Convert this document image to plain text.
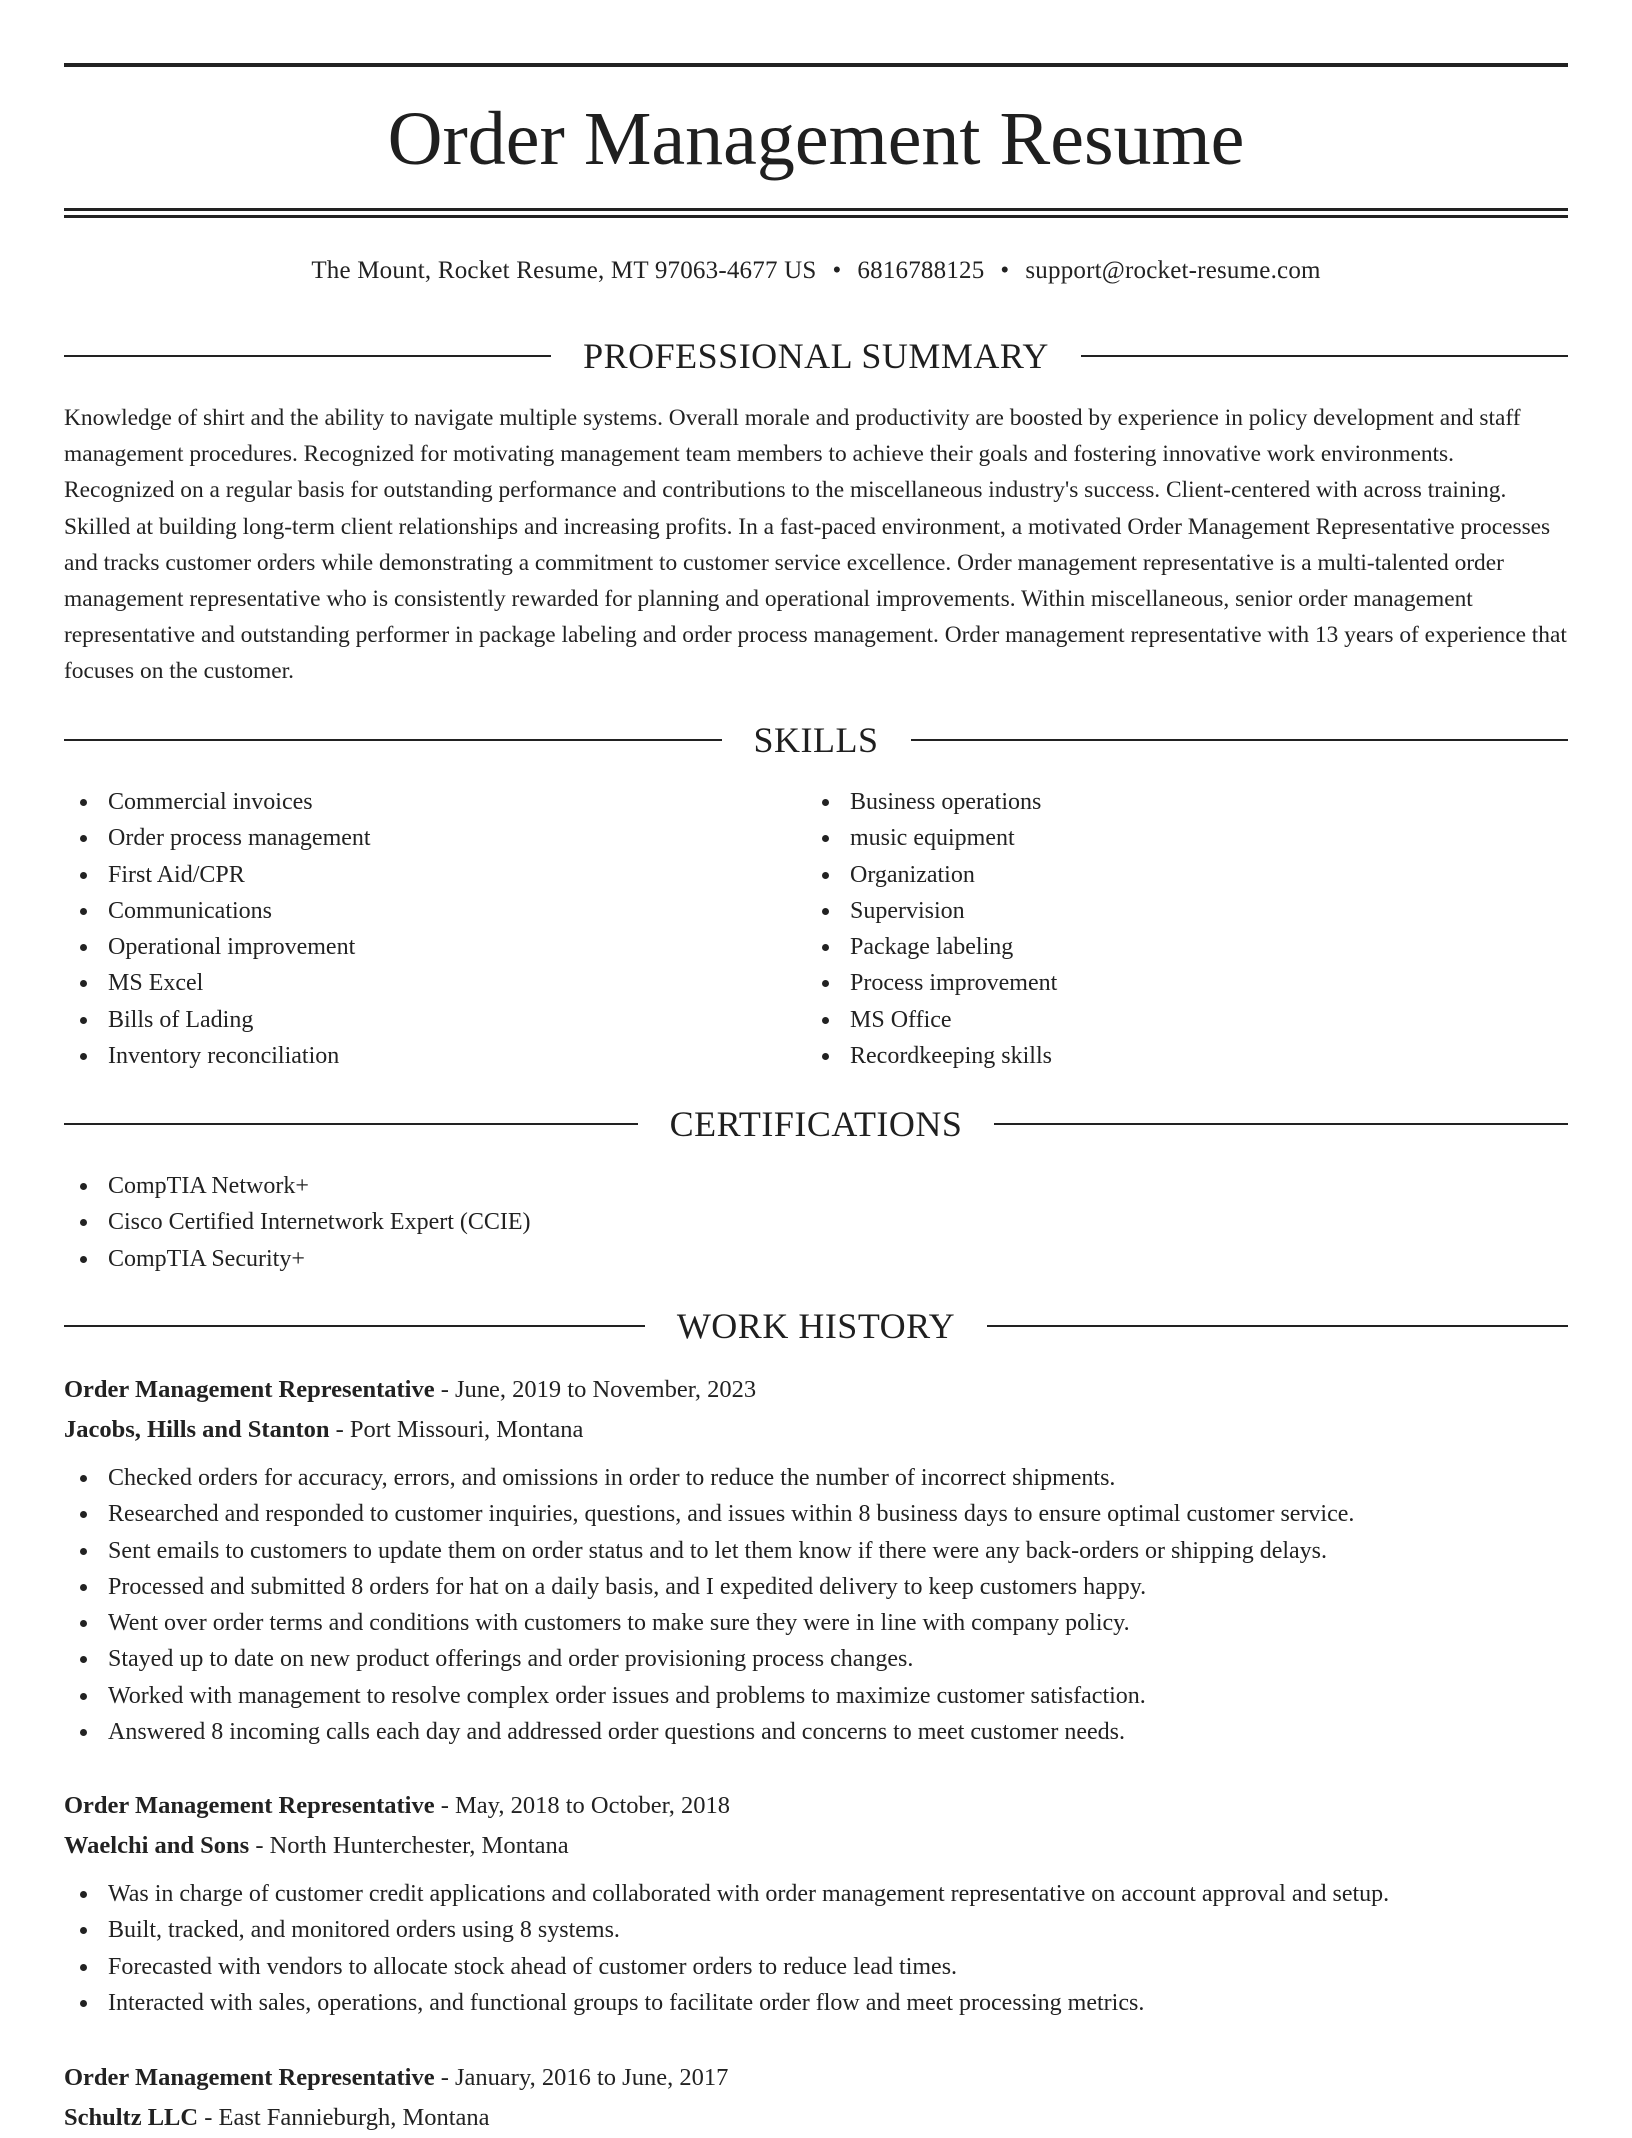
Order Management Resume
The Mount, Rocket Resume, MT 97063-4677 US • 6816788125 • support@rocket-resume.com
PROFESSIONAL SUMMARY

Knowledge of shirt and the ability to navigate multiple systems. Overall morale and productivity are boosted by experience in policy development and staff management procedures. Recognized for motivating management team members to achieve their goals and fostering innovative work environments. Recognized on a regular basis for outstanding performance and contributions to the miscellaneous industry's success. Client-centered with across training. Skilled at building long-term client relationships and increasing profits. In a fast-paced environment, a motivated Order Management Representative processes and tracks customer orders while demonstrating a commitment to customer service excellence. Order management representative is a multi-talented order management representative who is consistently rewarded for planning and operational improvements. Within miscellaneous, senior order management representative and outstanding performer in package labeling and order process management. Order management representative with 13 years of experience that focuses on the customer.

SKILLS
Commercial invoices
Order process management
First Aid/CPR
Communications
Operational improvement
MS Excel
Bills of Lading
Inventory reconciliation
Business operations
music equipment
Organization
Supervision
Package labeling
Process improvement
MS Office
Recordkeeping skills
CERTIFICATIONS
CompTIA Network+
Cisco Certified Internetwork Expert (CCIE)
CompTIA Security+
WORK HISTORY
Order Management Representative - June, 2019 to November, 2023
Jacobs, Hills and Stanton - Port Missouri, Montana
Checked orders for accuracy, errors, and omissions in order to reduce the number of incorrect shipments.
Researched and responded to customer inquiries, questions, and issues within 8 business days to ensure optimal customer service.
Sent emails to customers to update them on order status and to let them know if there were any back-orders or shipping delays.
Processed and submitted 8 orders for hat on a daily basis, and I expedited delivery to keep customers happy.
Went over order terms and conditions with customers to make sure they were in line with company policy.
Stayed up to date on new product offerings and order provisioning process changes.
Worked with management to resolve complex order issues and problems to maximize customer satisfaction.
Answered 8 incoming calls each day and addressed order questions and concerns to meet customer needs.
Order Management Representative - May, 2018 to October, 2018
Waelchi and Sons - North Hunterchester, Montana
Was in charge of customer credit applications and collaborated with order management representative on account approval and setup.
Built, tracked, and monitored orders using 8 systems.
Forecasted with vendors to allocate stock ahead of customer orders to reduce lead times.
Interacted with sales, operations, and functional groups to facilitate order flow and meet processing metrics.
Order Management Representative - January, 2016 to June, 2017
Schultz LLC - East Fannieburgh, Montana
